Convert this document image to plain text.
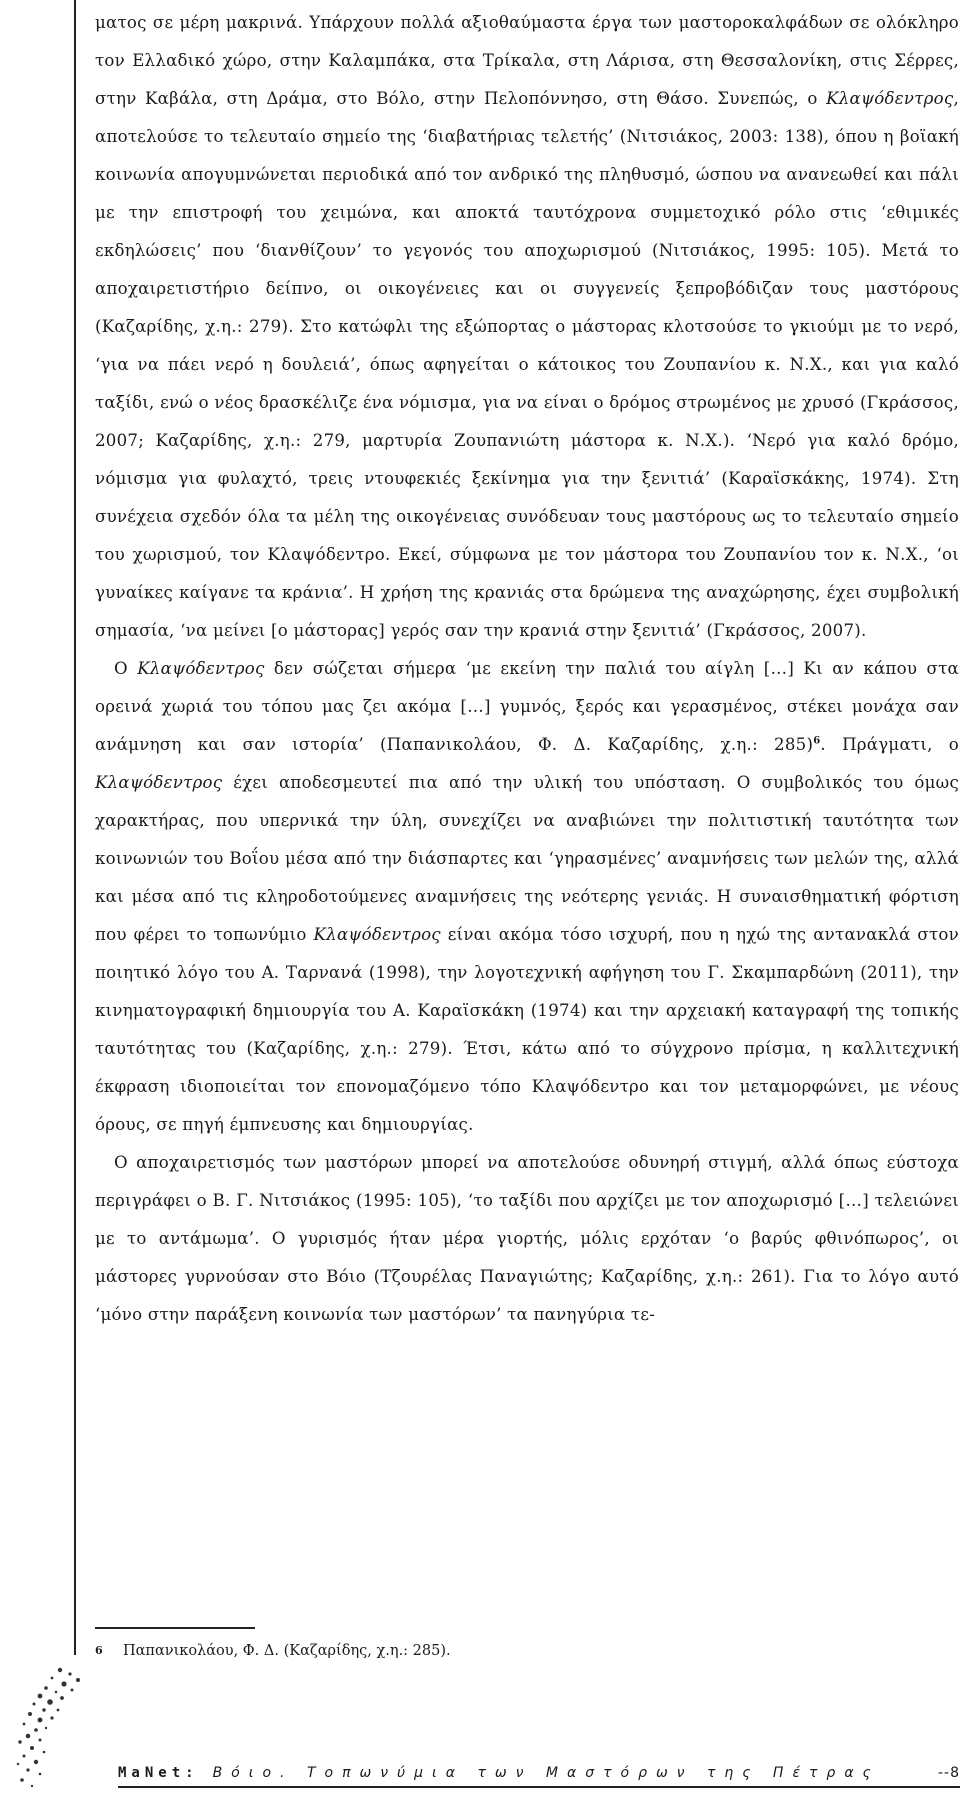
ματος σε μέρη μακρινά. Υπάρχουν πολλά αξιοθαύμαστα έργα των μαστοροκαλφάδων σε ολόκληρο τον Ελλαδικό χώρο, στην Καλαμπάκα, στα Τρίκαλα, στη Λάρισα, στη Θεσσαλονίκη, στις Σέρρες, στην Καβάλα, στη Δράμα, στο Βόλο, στην Πελοπόννησο, στη Θάσο. Συνεπώς, ο Κλαψόδεντρος, αποτελούσε το τελευταίο σημείο της ‘διαβατήριας τελετής’ (Νιτσιάκος, 2003: 138), όπου η βοϊακή κοινωνία απογυμνώνεται περιοδικά από τον ανδρικό της πληθυσμό, ώσπου να ανανεωθεί και πάλι με την επιστροφή του χειμώνα, και αποκτά ταυτόχρονα συμμετοχικό ρόλο στις ‘εθιμικές εκδηλώσεις’ που ‘διανθίζουν’ το γεγονός του αποχωρισμού (Νιτσιάκος, 1995: 105). Μετά το αποχαιρετιστήριο δείπνο, οι οικογένειες και οι συγγενείς ξεπροβόδιζαν τους μαστόρους (Καζαρίδης, χ.η.: 279). Στο κατώφλι της εξώπορτας ο μάστορας κλοτσούσε το γκιούμι με το νερό, ‘για να πάει νερό η δουλειά’, όπως αφηγείται ο κάτοικος του Ζουπανίου κ. Ν.Χ., και για καλό ταξίδι, ενώ ο νέος δρασκέλιζε ένα νόμισμα, για να είναι ο δρόμος στρωμένος με χρυσό (Γκράσσος, 2007; Καζαρίδης, χ.η.: 279, μαρτυρία Ζουπανιώτη μάστορα κ. Ν.Χ.). ‘Νερό για καλό δρόμο, νόμισμα για φυλαχτό, τρεις ντουφεκιές ξεκίνημα για την ξενιτιά’ (Καραϊσκάκης, 1974). Στη συνέχεια σχεδόν όλα τα μέλη της οικογένειας συνόδευαν τους μαστόρους ως το τελευταίο σημείο του χωρισμού, τον Κλαψόδεντρο. Εκεί, σύμφωνα με τον μάστορα του Ζουπανίου τον κ. Ν.Χ., ‘οι γυναίκες καίγανε τα κράνια’. Η χρήση της κρανιάς στα δρώμενα της αναχώρησης, έχει συμβολική σημασία, ‘να μείνει [ο μάστορας] γερός σαν την κρανιά στην ξενιτιά’ (Γκράσσος, 2007).

Ο Κλαψόδεντρος δεν σώζεται σήμερα ‘με εκείνη την παλιά του αίγλη […] Κι αν κάπου στα ορεινά χωριά του τόπου μας ζει ακόμα […] γυμνός, ξερός και γερασμένος, στέκει μονάχα σαν ανάμνηση και σαν ιστορία’ (Παπανικολάου, Φ. Δ. Καζαρίδης, χ.η.: 285)$^6$. Πράγματι, ο Κλαψόδεντρος έχει αποδεσμευτεί πια από την υλική του υπόσταση. Ο συμβολικός του όμως χαρακτήρας, που υπερνικά την ύλη, συνεχίζει να αναβιώνει την πολιτιστική ταυτότητα των κοινωνιών του Βοΐου μέσα από την διάσπαρτες και ‘γηρασμένες’ αναμνήσεις των μελών της, αλλά και μέσα από τις κληροδοτούμενες αναμνήσεις της νεότερης γενιάς. Η συναισθηματική φόρτιση που φέρει το τοπωνύμιο Κλαψόδεντρος είναι ακόμα τόσο ισχυρή, που η ηχώ της αντανακλά στον ποιητικό λόγο του Α. Ταρνανά (1998), την λογοτεχνική αφήγηση του Γ. Σκαμπαρδώνη (2011), την κινηματογραφική δημιουργία του Α. Καραϊσκάκη (1974) και την αρχειακή καταγραφή της τοπικής ταυτότητας του (Καζαρίδης, χ.η.: 279). Έτσι, κάτω από το σύγχρονο πρίσμα, η καλλιτεχνική έκφραση ιδιοποιείται τον επονομαζόμενο τόπο Κλαψόδεντρο και τον μεταμορφώνει, με νέους όρους, σε πηγή έμπνευσης και δημιουργίας.

Ο αποχαιρετισμός των μαστόρων μπορεί να αποτελούσε οδυνηρή στιγμή, αλλά όπως εύστοχα περιγράφει ο Β. Γ. Νιτσιάκος (1995: 105), ‘το ταξίδι που αρχίζει με τον αποχωρισμό […] τελειώνει με το αντάμωμα’. Ο γυρισμός ήταν μέρα γιορτής, μόλις ερχόταν ‘ο βαρύς φθινόπωρος’, οι μάστορες γυρνούσαν στο Βόιο (Τζουρέλας Παναγιώτης; Καζαρίδης, χ.η.: 261). Για το λόγο αυτό ‘μόνο στην παράξενη κοινωνία των μαστόρων’ τα πανηγύρια τε-

6 Παπανικολάου, Φ. Δ. (Καζαρίδης, χ.η.: 285).
MaNet: Βόιο. Τοπωνύμια των Μαστόρων της Πέτρας	--8
